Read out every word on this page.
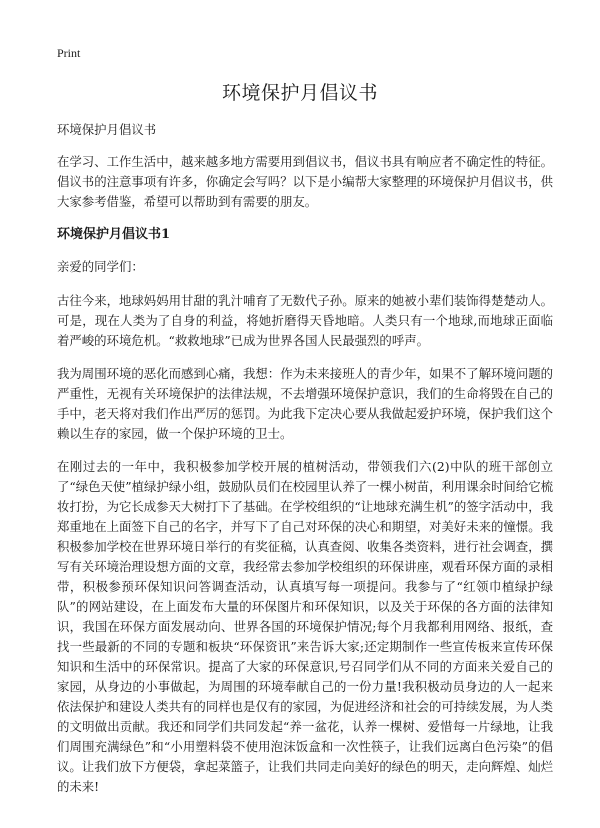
Print
环境保护月倡议书

环境保护月倡议书

在学习、工作生活中，越来越多地方需要用到倡议书，倡议书具有响应者不确定性的特征。倡议书的注意事项有许多，你确定会写吗？以下是小编帮大家整理的环境保护月倡议书，供大家参考借鉴，希望可以帮助到有需要的朋友。

环境保护月倡议书1

亲爱的同学们：

古往今来，地球妈妈用甘甜的乳汁哺育了无数代子孙。原来的她被小辈们装饰得楚楚动人。可是，现在人类为了自身的利益，将她折磨得天昏地暗。人类只有一个地球,而地球正面临着严峻的环境危机。“救救地球”已成为世界各国人民最强烈的呼声。

我为周围环境的恶化而感到心痛，我想：作为未来接班人的青少年，如果不了解环境问题的严重性，无视有关环境保护的法律法规，不去增强环境保护意识，我们的生命将毁在自己的手中，老天将对我们作出严厉的惩罚。为此我下定决心要从我做起爱护环境，保护我们这个赖以生存的家园，做一个保护环境的卫士。

在刚过去的一年中，我积极参加学校开展的植树活动，带领我们六(2)中队的班干部创立了“绿色天使”植绿护绿小组，鼓励队员们在校园里认养了一棵小树苗，利用课余时间给它梳妆打扮，为它长成参天大树打下了基础。在学校组织的“让地球充满生机”的签字活动中，我郑重地在上面签下自己的名字，并写下了自己对环保的决心和期望，对美好未来的憧憬。我积极参加学校在世界环境日举行的有奖征稿，认真查阅、收集各类资料，进行社会调查，撰写有关环境治理设想方面的文章，我经常去参加学校组织的环保讲座，观看环保方面的录相带，积极参预环保知识问答调查活动，认真填写每一项提问。我参与了“红领巾植绿护绿队”的网站建设，在上面发布大量的环保图片和环保知识，以及关于环保的各方面的法律知识，我国在环保方面发展动向、世界各国的环境保护情况;每个月我都利用网络、报纸，查找一些最新的不同的专题和板块“环保资讯”来告诉大家;还定期制作一些宣传板来宣传环保知识和生活中的环保常识。提高了大家的环保意识,号召同学们从不同的方面来关爱自己的家园，从身边的小事做起，为周围的环境奉献自己的一份力量!我积极动员身边的人一起来依法保护和建设人类共有的同样也是仅有的家园，为促进经济和社会的可持续发展，为人类的文明做出贡献。我还和同学们共同发起“养一盆花，认养一棵树、爱惜每一片绿地，让我们周围充满绿色”和“小用塑料袋不使用泡沫饭盒和一次性筷子，让我们远离白色污染”的倡议。让我们放下方便袋，拿起菜篮子，让我们共同走向美好的绿色的明天，走向辉煌、灿烂的未来!
